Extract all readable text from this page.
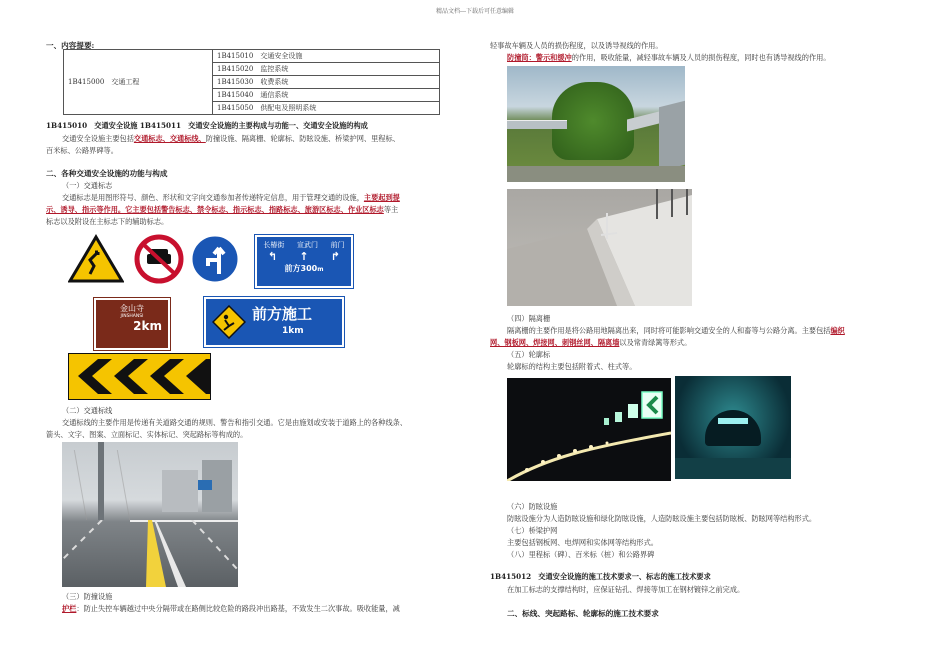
精品文档---下载后可任意编辑
一、内容提要:
1B415000　交通工程	1B415010　交通安全设施
1B415020　监控系统
1B415030　收费系统
1B415040　通信系统
1B415050　供配电及照明系统
1B415010　交通安全设施 1B415011　交通安全设施的主要构成与功能一、交通安全设施的构成
交通安全设施主要包括交通标志、交通标线、防撞设施、隔离栅、轮廓标、防眩设施、桥梁护网、里程标、
百米标、公路界碑等。
二、各种交通安全设施的功能与构成
（一）交通标志
交通标志是用图形符号、颜色、形状和文字向交通参加者传递特定信息，用于管理交通的设施，主要起到提
示、诱导、指示等作用。它主要包括警告标志、禁令标志、指示标志、指路标志、旅游区标志、作业区标志等主
标志以及附设在主标志下的辅助标志。
长椿街 宣武门 前门
↰ ↑ ↱
前方300m
金山寺
JINSHANSI
2km
前方施工
1km
（二）交通标线
交通标线的主要作用是传递有关道路交通的规则、警告和指引交通。它是由施划或安装于道路上的各种线条、
箭头、文字、图案、立面标记、实体标记、突起路标等构成的。
（三）防撞设施
护栏：防止失控车辆越过中央分隔带或在路侧比较危险的路段冲出路基，不致发生二次事故。吸收能量，减
轻事故车辆及人员的损伤程度，以及诱导视线的作用。
防撞筒：警示和缓冲的作用，吸收能量，减轻事故车辆及人员的损伤程度，同时也有诱导视线的作用。
（四）隔离栅
隔离栅的主要作用是将公路用地隔离出来，同时将可能影响交通安全的人和畜等与公路分离。主要包括编织
网、钢板网、焊接网、刺钢丝网、隔离墙以及常青绿篱等形式。
（五）轮廓标
轮廓标的结构主要包括附着式、柱式等。
（六）防眩设施
防眩设施分为人造防眩设施和绿化防眩设施，人造防眩设施主要包括防眩板、防眩网等结构形式。
（七）桥梁护网
主要包括钢板网、电焊网和实体网等结构形式。
（八）里程标（碑）、百米标（桩）和公路界碑
1B415012　交通安全设施的施工技术要求一、标志的施工技术要求
在加工标志的支撑结构时，应保证钻孔、焊接等加工在钢材镀锌之前完成。
二、标线、突起路标、轮廓标的施工技术要求
